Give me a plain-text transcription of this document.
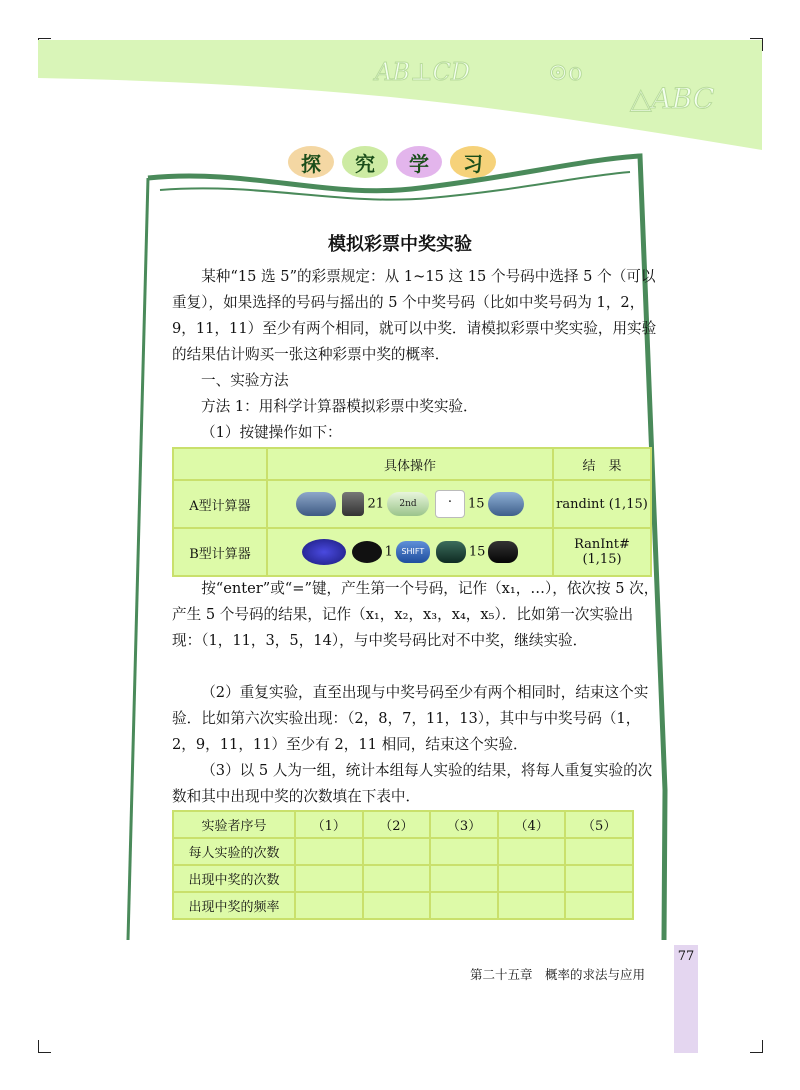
AB⊥CD	⊙o
△ABC
探	究	学	习
模拟彩票中奖实验
某种“15 选 5”的彩票规定：从 1~15 这 15 个号码中选择 5 个（可以重复），如果选择的号码与摇出的 5 个中奖号码（比如中奖号码为 1，2，9，11，11）至少有两个相同，就可以中奖．请模拟彩票中奖实验，用实验的结果估计购买一张这种彩票中奖的概率．
一、实验方法
方法 1：用科学计算器模拟彩票中奖实验．
（1）按键操作如下：
	具体操作	结　果
A型计算器	21 2nd . 15	randint (1,15)
B型计算器	1 SHIFT 15	RanInt# (1,15)
按“enter”或“=”键，产生第一个号码，记作（x₁，…），依次按 5 次，产生 5 个号码的结果，记作（x₁，x₂，x₃，x₄，x₅）．比如第一次实验出现：（1，11，3，5，14），与中奖号码比对不中奖，继续实验．
（2）重复实验，直至出现与中奖号码至少有两个相同时，结束这个实验．比如第六次实验出现：（2，8，7，11，13），其中与中奖号码（1，2，9，11，11）至少有 2，11 相同，结束这个实验．
（3）以 5 人为一组，统计本组每人实验的结果，将每人重复实验的次数和其中出现中奖的次数填在下表中．
实验者序号	（1）	（2）	（3）	（4）	（5）
每人实验的次数					
出现中奖的次数					
出现中奖的频率					
第二十五章　概率的求法与应用
77
